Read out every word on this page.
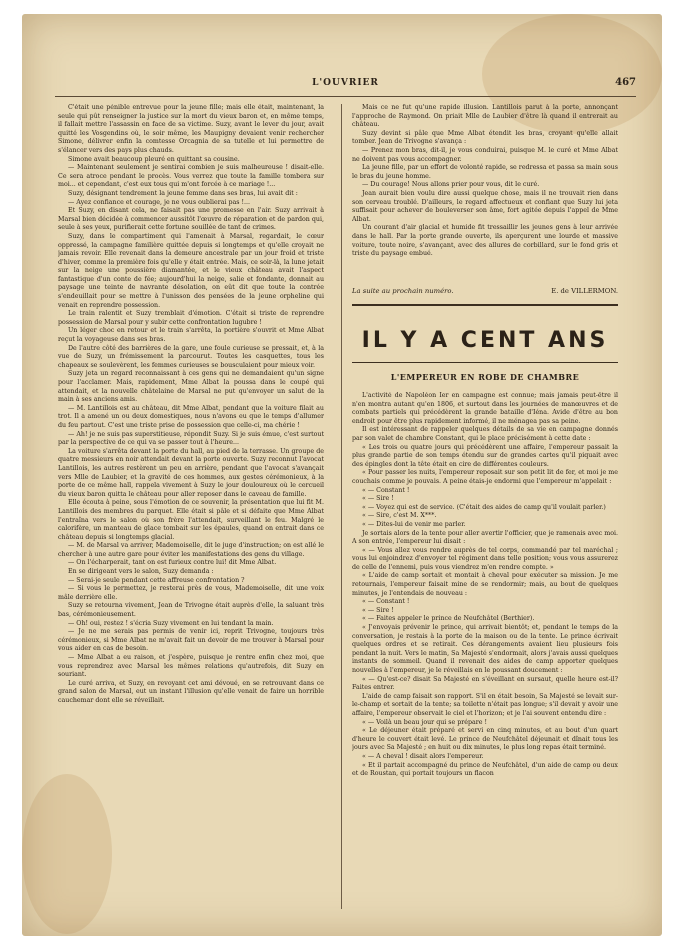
L'OUVRIER	467

C'était une pénible entrevue pour la jeune fille; mais elle était, maintenant, la seule qui pût renseigner la justice sur la mort du vieux baron et, en même temps, il fallait mettre l'assassin en face de sa victime. Suzy, avant le lever du jour, avait quitté les Vosgendins où, le soir même, les Maupigny devaient venir rechercher Simone, délivrer enfin la comtesse Orcagnia de sa tutelle et lui permettre de s'élancer vers des pays plus chauds.

Simone avait beaucoup pleuré en quittant sa cousine.

— Maintenant seulement je sentirai combien je suis malheureuse ! disait-elle. Ce sera atroce pendant le procès. Vous verrez que toute la famille tombera sur moi... et cependant, c'est eux tous qui m'ont forcée à ce mariage !...

Suzy, désignant tendrement la jeune femme dans ses bras, lui avait dit :

— Ayez confiance et courage, je ne vous oublierai pas !...

Et Suzy, en disant cela, ne faisait pas une promesse en l'air. Suzy arrivait à Marsal bien décidée à commencer aussitôt l'œuvre de réparation et de pardon qui, seule à ses yeux, purifierait cette fortune souillée de tant de crimes.

Suzy, dans le compartiment qui l'amenait à Marsal, regardait, le cœur oppressé, la campagne familière quittée depuis si longtemps et qu'elle croyait ne jamais revoir. Elle revenait dans la demeure ancestrale par un jour froid et triste d'hiver, comme la première fois qu'elle y était entrée. Mais, ce soir-là, la lune jetait sur la neige une poussière diamantée, et le vieux château avait l'aspect fantastique d'un conte de fée; aujourd'hui la neige, salie et fondante, donnait au paysage une teinte de navrante désolation, on eût dit que toute la contrée s'endeuillait pour se mettre à l'unisson des pensées de la jeune orpheline qui venait en reprendre possession.

Le train ralentit et Suzy tremblait d'émotion. C'était si triste de reprendre possession de Marsal pour y subir cette confrontation lugubre !

Un léger choc en retour et le train s'arrêta, la portière s'ouvrit et Mme Albat reçut la voyageuse dans ses bras.

De l'autre côté des barrières de la gare, une foule curieuse se pressait, et, à la vue de Suzy, un frémissement la parcourut. Toutes les casquettes, tous les chapeaux se soulevèrent, les femmes curieuses se bousculaient pour mieux voir.

Suzy jeta un regard reconnaissant à ces gens qui ne demandaient qu'un signe pour l'acclamer. Mais, rapidement, Mme Albat la poussa dans le coupé qui attendait, et la nouvelle châtelaine de Marsal ne put qu'envoyer un salut de la main à ses anciens amis.

— M. Lantillois est au château, dit Mme Albat, pendant que la voiture filait au trot. Il a amené un ou deux domestiques, nous n'avons eu que le temps d'allumer du feu partout. C'est une triste prise de possession que celle-ci, ma chérie !

— Ah! je ne suis pas superstitieuse, répondit Suzy. Si je suis émue, c'est surtout par la perspective de ce qui va se passer tout à l'heure...

La voiture s'arrêta devant la porte du hall, au pied de la terrasse. Un groupe de quatre messieurs en noir attendait devant la porte ouverte. Suzy reconnut l'avocat Lantillois, les autres restèrent un peu en arrière, pendant que l'avocat s'avançait vers Mlle de Laubier, et la gravité de ces hommes, aux gestes cérémonieux, à la porte de ce même hall, rappela vivement à Suzy le jour douloureux où le cercueil du vieux baron quitta le château pour aller reposer dans le caveau de famille.

Elle écouta à peine, sous l'émotion de ce souvenir, la présentation que lui fit M. Lantillois des membres du parquet. Elle était si pâle et si défaite que Mme Albat l'entraîna vers le salon où son frère l'attendait, surveillant le feu. Malgré le calorifère, un manteau de glace tombait sur les épaules, quand on entrait dans ce château depuis si longtemps glacial.

— M. de Marsal va arriver, Mademoiselle, dit le juge d'instruction; on est allé le chercher à une autre gare pour éviter les manifestations des gens du village.

— On l'écharperait, tant on est furieux contre lui! dit Mme Albat.

En se dirigeant vers le salon, Suzy demanda :

— Serai-je seule pendant cette affreuse confrontation ?

— Si vous le permettez, je resterai près de vous, Mademoiselle, dit une voix mâle derrière elle.

Suzy se retourna vivement, Jean de Trivogne était auprès d'elle, la saluant très bas, cérémonieusement.

— Oh! oui, restez ! s'écria Suzy vivement en lui tendant la main.

— Je ne me serais pas permis de venir ici, reprit Trivogne, toujours très cérémonieux, si Mme Albat ne m'avait fait un devoir de me trouver à Marsal pour vous aider en cas de besoin.

— Mme Albat a eu raison, et j'espère, puisque je rentre enfin chez moi, que vous reprendrez avec Marsal les mêmes relations qu'autrefois, dit Suzy en souriant.

Le curé arriva, et Suzy, en revoyant cet ami dévoué, en se retrouvant dans ce grand salon de Marsal, eut un instant l'illusion qu'elle venait de faire un horrible cauchemar dont elle se réveillait.

Mais ce ne fut qu'une rapide illusion. Lantillois parut à la porte, annonçant l'approche de Raymond. On priait Mlle de Laubier d'être là quand il entrerait au château.

Suzy devint si pâle que Mme Albat étendit les bras, croyant qu'elle allait tomber. Jean de Trivogne s'avança :

— Prenez mon bras, dit-il, je vous conduirai, puisque M. le curé et Mme Albat ne doivent pas vous accompagner.

La jeune fille, par un effort de volonté rapide, se redressa et passa sa main sous le bras du jeune homme.

— Du courage! Nous allons prier pour vous, dit le curé.

Jean aurait bien voulu dire aussi quelque chose, mais il ne trouvait rien dans son cerveau troublé. D'ailleurs, le regard affectueux et confiant que Suzy lui jeta suffisait pour achever de bouleverser son âme, fort agitée depuis l'appel de Mme Albat.

Un courant d'air glacial et humide fit tressaillir les jeunes gens à leur arrivée dans le hall. Par la porte grande ouverte, ils aperçurent une lourde et massive voiture, toute noire, s'avançant, avec des allures de corbillard, sur le fond gris et triste du paysage embué.

La suite au prochain numéro.	E. de VILLERMON.
IL Y A CENT ANS
L'EMPEREUR EN ROBE DE CHAMBRE

L'activité de Napoléon Ier en campagne est connue; mais jamais peut-être il n'en montra autant qu'en 1806, et surtout dans les journées de manœuvres et de combats partiels qui précédèrent la grande bataille d'Iéna. Avide d'être au bon endroit pour être plus rapidement informé, il ne ménagea pas sa peine.

Il est intéressant de rappeler quelques détails de sa vie en campagne donnés par son valet de chambre Constant, qui le place précisément à cette date :

« Les trois ou quatre jours qui précédèrent une affaire, l'empereur passait la plus grande partie de son temps étendu sur de grandes cartes qu'il piquait avec des épingles dont la tête était en cire de différentes couleurs.

« Pour passer les nuits, l'empereur reposait sur son petit lit de fer, et moi je me couchais comme je pouvais. A peine étais-je endormi que l'empereur m'appelait :

« — Constant !

« — Sire !

« — Voyez qui est de service. (C'était des aides de camp qu'il voulait parler.)

« — Sire, c'est M. X***.

« — Dites-lui de venir me parler.

Je sortais alors de la tente pour aller avertir l'officier, que je ramenais avec moi. A son entrée, l'empereur lui disait :

« — Vous allez vous rendre auprès de tel corps, commandé par tel maréchal ; vous lui enjoindrez d'envoyer tel régiment dans telle position; vous vous assurerez de celle de l'ennemi, puis vous viendrez m'en rendre compte. »

« L'aide de camp sortait et montait à cheval pour exécuter sa mission. Je me retournais, l'empereur faisait mine de se rendormir; mais, au bout de quelques minutes, je l'entendais de nouveau :

« — Constant !

« — Sire !

« — Faites appeler le prince de Neufchâtel (Berthier).

« J'envoyais prévenir le prince, qui arrivait bientôt; et, pendant le temps de la conversation, je restais à la porte de la maison ou de la tente. Le prince écrivait quelques ordres et se retirait. Ces dérangements avaient lieu plusieurs fois pendant la nuit. Vers le matin, Sa Majesté s'endormait, alors j'avais aussi quelques instants de sommeil. Quand il revenait des aides de camp apporter quelques nouvelles à l'empereur, je le réveillais en le poussant doucement :

« — Qu'est-ce? disait Sa Majesté en s'éveillant en sursaut, quelle heure est-il? Faites entrer.

L'aide de camp faisait son rapport. S'il en était besoin, Sa Majesté se levait sur-le-champ et sortait de la tente; sa toilette n'était pas longue; s'il devait y avoir une affaire, l'empereur observait le ciel et l'horizon; et je l'ai souvent entendu dire :

« — Voilà un beau jour qui se prépare !

« Le déjeuner était préparé et servi en cinq minutes, et au bout d'un quart d'heure le couvert était levé. Le prince de Neufchâtel déjeunait et dînait tous les jours avec Sa Majesté ; en huit ou dix minutes, le plus long repas était terminé.

« — A cheval ! disait alors l'empereur.

« Et il partait accompagné du prince de Neufchâtel, d'un aide de camp ou deux et de Roustan, qui portait toujours un flacon
